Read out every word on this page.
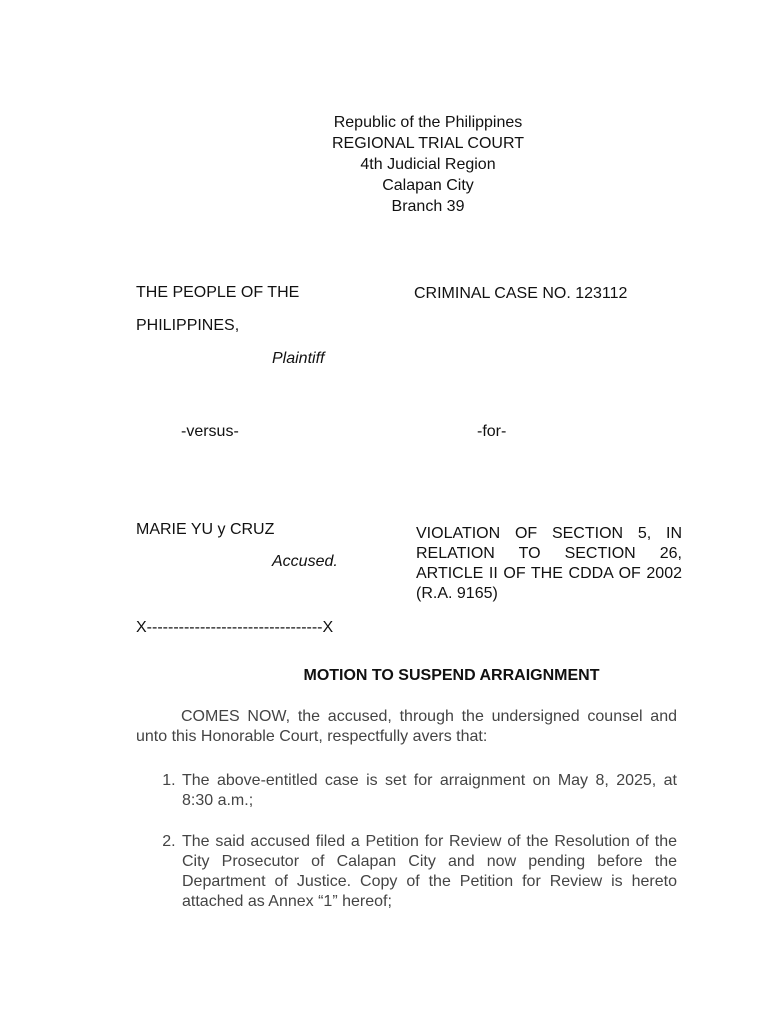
Republic of the Philippines
REGIONAL TRIAL COURT
4th Judicial Region
Calapan City
Branch 39
THE PEOPLE OF THE
PHILIPPINES,
Plaintiff
CRIMINAL CASE NO. 123112
-versus-	-for-
MARIE YU y CRUZ
Accused.
VIOLATION OF SECTION 5, IN RELATION TO SECTION 26, ARTICLE II OF THE CDDA OF 2002 (R.A. 9165)
X---------------------------------X
MOTION TO SUSPEND ARRAIGNMENT

COMES NOW, the accused, through the undersigned counsel and unto this Honorable Court, respectfully avers that:

1. The above-entitled case is set for arraignment on May 8, 2025, at 8:30 a.m.;
2. The said accused filed a Petition for Review of the Resolution of the City Prosecutor of Calapan City and now pending before the Department of Justice. Copy of the Petition for Review is hereto attached as Annex “1” hereof;
